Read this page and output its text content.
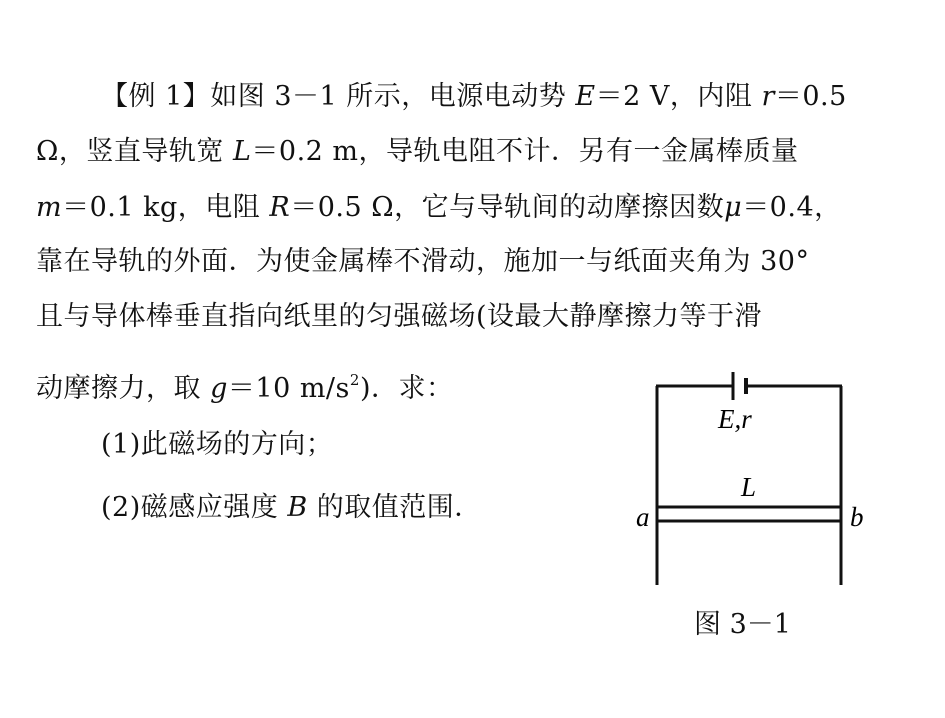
【例 1】如图 3－1 所示，电源电动势 E＝2 V，内阻 r＝0.5
Ω，竖直导轨宽 L＝0.2 m，导轨电阻不计．另有一金属棒质量
m＝0.1 kg，电阻 R＝0.5 Ω，它与导轨间的动摩擦因数μ＝0.4，
靠在导轨的外面．为使金属棒不滑动，施加一与纸面夹角为 30°
且与导体棒垂直指向纸里的匀强磁场(设最大静摩擦力等于滑
动摩擦力，取 g＝10 $m/s^2$)．求：
(1)此磁场的方向；
(2)磁感应强度 B 的取值范围．
E,r
L
a	b
图 3－1
